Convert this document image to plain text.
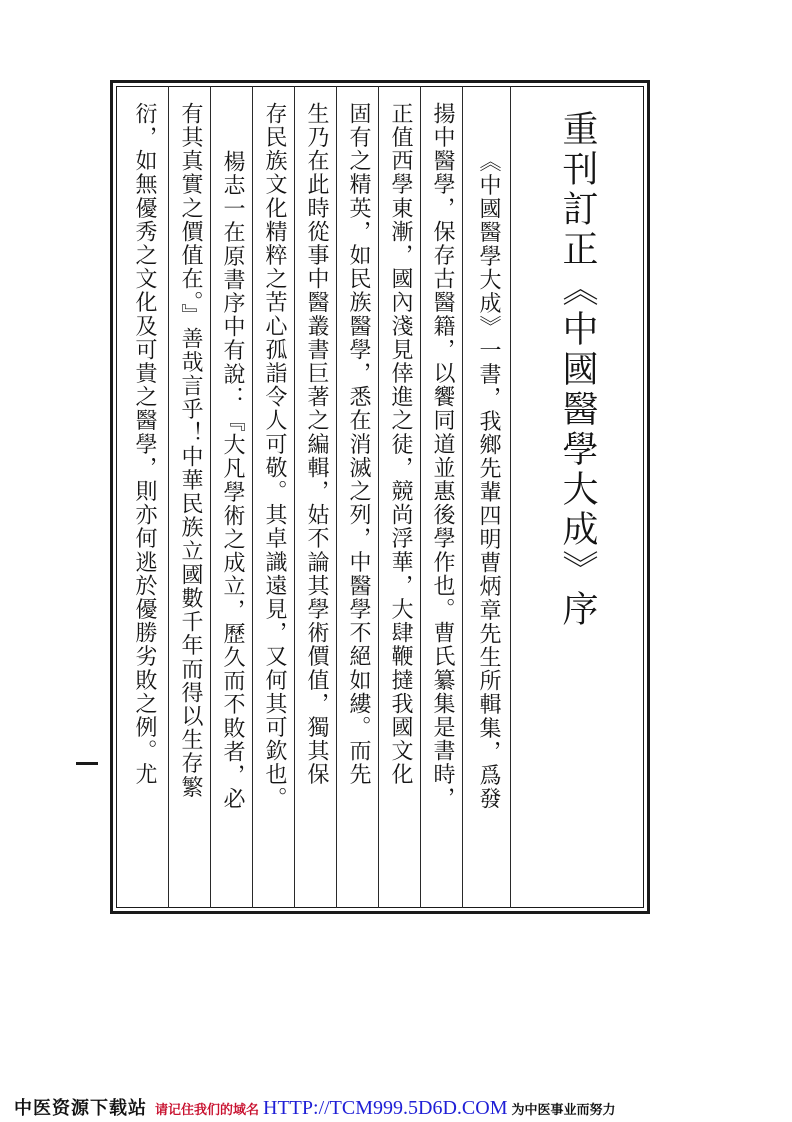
重刊訂正《中國醫學大成》序
《中國醫學大成》一書，我鄉先輩四明曹炳章先生所輯集，爲發
揚中醫學，保存古醫籍，以饗同道並惠後學作也。曹氏纂集是書時，
正值西學東漸，國內淺見倖進之徒，競尚浮華，大肆鞭撻我國文化
固有之精英，如民族醫學，悉在消滅之列，中醫學不絕如縷。而先
生乃在此時從事中醫叢書巨著之編輯，姑不論其學術價值，獨其保
存民族文化精粹之苦心孤詣令人可敬。其卓識遠見，又何其可欽也。
楊志一在原書序中有說：『大凡學術之成立，歷久而不敗者，必
有其真實之價值在。』善哉言乎！中華民族立國數千年而得以生存繁
衍，如無優秀之文化及可貴之醫學，則亦何逃於優勝劣敗之例。尤
中医资源下载站 请记住我们的域名 HTTP://TCM999.5D6D.COM 为中医事业而努力
